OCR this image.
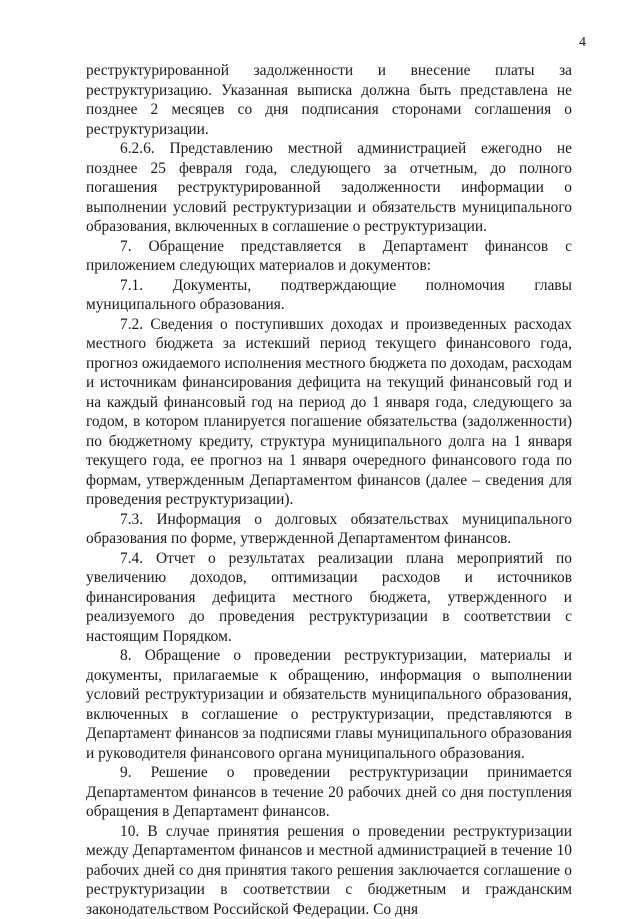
4

реструктурированной задолженности и внесение платы за реструктуризацию. Указанная выписка должна быть представлена не позднее 2 месяцев со дня подписания сторонами соглашения о реструктуризации.

6.2.6. Представлению местной администрацией ежегодно не позднее 25 февраля года, следующего за отчетным, до полного погашения реструктурированной задолженности информации о выполнении условий реструктуризации и обязательств муниципального образования, включенных в соглашение о реструктуризации.

7. Обращение представляется в Департамент финансов с приложением следующих материалов и документов:

7.1. Документы, подтверждающие полномочия главы муниципального образования.

7.2. Сведения о поступивших доходах и произведенных расходах местного бюджета за истекший период текущего финансового года, прогноз ожидаемого исполнения местного бюджета по доходам, расходам и источникам финансирования дефицита на текущий финансовый год и на каждый финансовый год на период до 1 января года, следующего за годом, в котором планируется погашение обязательства (задолженности) по бюджетному кредиту, структура муниципального долга на 1 января текущего года, ее прогноз на 1 января очередного финансового года по формам, утвержденным Департаментом финансов (далее – сведения для проведения реструктуризации).

7.3. Информация о долговых обязательствах муниципального образования по форме, утвержденной Департаментом финансов.

7.4. Отчет о результатах реализации плана мероприятий по увеличению доходов, оптимизации расходов и источников финансирования дефицита местного бюджета, утвержденного и реализуемого до проведения реструктуризации в соответствии с настоящим Порядком.

8. Обращение о проведении реструктуризации, материалы и документы, прилагаемые к обращению, информация о выполнении условий реструктуризации и обязательств муниципального образования, включенных в соглашение о реструктуризации, представляются в Департамент финансов за подписями главы муниципального образования и руководителя финансового органа муниципального образования.

9. Решение о проведении реструктуризации принимается Департаментом финансов в течение 20 рабочих дней со дня поступления обращения в Департамент финансов.

10. В случае принятия решения о проведении реструктуризации между Департаментом финансов и местной администрацией в течение 10 рабочих дней со дня принятия такого решения заключается соглашение о реструктуризации в соответствии с бюджетным и гражданским законодательством Российской Федерации. Со дня
